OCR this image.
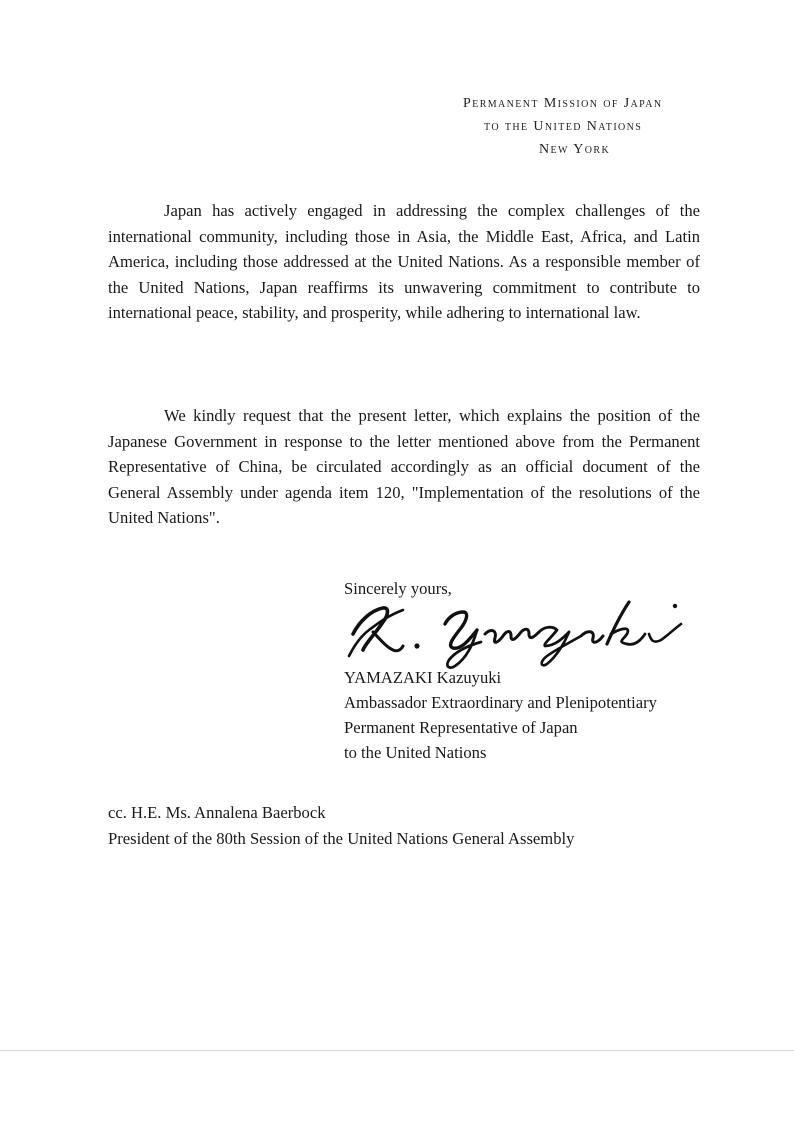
Permanent Mission of Japan
to the United Nations
New York

Japan has actively engaged in addressing the complex challenges of the international community, including those in Asia, the Middle East, Africa, and Latin America, including those addressed at the United Nations. As a responsible member of the United Nations, Japan reaffirms its unwavering commitment to contribute to international peace, stability, and prosperity, while adhering to international law.

We kindly request that the present letter, which explains the position of the Japanese Government in response to the letter mentioned above from the Permanent Representative of China, be circulated accordingly as an official document of the General Assembly under agenda item 120, "Implementation of the resolutions of the United Nations".

Sincerely yours,
YAMAZAKI Kazuyuki
Ambassador Extraordinary and Plenipotentiary
Permanent Representative of Japan
to the United Nations
cc. H.E. Ms. Annalena Baerbock
President of the 80th Session of the United Nations General Assembly
